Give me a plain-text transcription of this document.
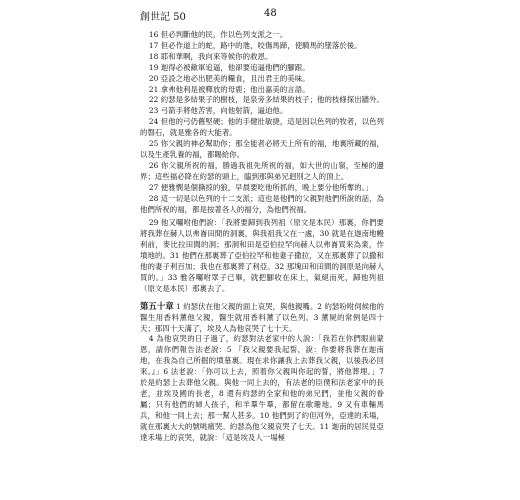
創世記 50	48

16 但必判斷他的民，作以色列支派之一。

17 但必作道上的蛇，路中的虺，咬傷馬蹄，使騎馬的墜落於後。

18 耶和華啊，我向來等候你的救恩。

19 迦得必被敵軍追逼，他卻要追逼他們的腳跟。

20 亞設之地必出肥美的糧食，且出君王的美味。

21 拿弗他利是被釋放的母鹿；他出嘉美的言語。

22 約瑟是多結果子的樹枝，是泉旁多結果的枝子；他的枝條探出牆外。

23 弓箭手將他苦害，向他射箭，逼迫他。

24 但他的弓仍舊堅硬；他的手健壯敏捷，這是因以色列的牧者，以色列的磐石，就是雅各的大能者。

25 你父親的神必幫助你；那全能者必將天上所有的福，地裏所藏的福，以及生產乳養的福，都賜給你。

26 你父親所祝的福，勝過我祖先所祝的福，如大世的山嶺，至極的邊界；這些福必降在約瑟的頭上，臨到那與弟兄迥別之人的頂上。

27 便雅憫是個撕掠的狼，早晨要吃他所抓的，晚上要分他所奪的。」

28 這一切是以色列的十二支派；這也是他們的父親對他們所說的話，為他們所祝的福，都是按著各人的福分，為他們祝福。

29 他又囑咐他們說：「我將要歸到我列祖（原文是本民）那裏，你們要將我葬在赫人以弗崙田間的洞裏，與我祖我父在一處，30 就是在迦南地幔利前，麥比拉田間的洞；那洞和田是亞伯拉罕向赫人以弗崙買來為業，作墳地的。31 他們在那裏葬了亞伯拉罕和他妻子撒拉，又在那裏葬了以撒和他的妻子利百加；我也在那裏葬了利亞。32 那塊田和田間的洞原是向赫人買的。」33 雅各囑咐眾子已畢，就把腳收在床上，氣絕而死，歸他列祖（原文是本民）那裏去了。

第五十章 1 約瑟伏在他父親的面上哀哭，與他親嘴。2 約瑟吩咐伺候他的醫生用香料薰他父親，醫生就用香料薰了以色列。3 薰屍的常例是四十天；那四十天滿了，埃及人為他哀哭了七十天。

4 為他哀哭的日子過了，約瑟對法老家中的人說：「我若在你們眼前蒙恩，請你們報告法老說：5 『我父親要我起誓，說：你要將我葬在迦南地，在我為自己所掘的墳墓裏。現在求你讓我上去葬我父親，以後我必回來。』」6 法老說：「你可以上去，照着你父親叫你起的誓，將他葬埋。」7 於是約瑟上去葬他父親。與他一同上去的，有法老的臣僕和法老家中的長老，並埃及國的長老，8 還有約瑟的全家和他的弟兄們，並他父親的眷屬；只有他們的婦人孩子，和羊羣牛羣，都留在歌珊地。9 又有車輛馬兵，和他一同上去；那一幫人甚多。10 他們到了約但河外，亞達的禾場，就在那裏大大的號咷痛哭。約瑟為他父親哀哭了七天。11 迦南的居民見亞達禾場上的哀哭，就說：「這是埃及人一場極
